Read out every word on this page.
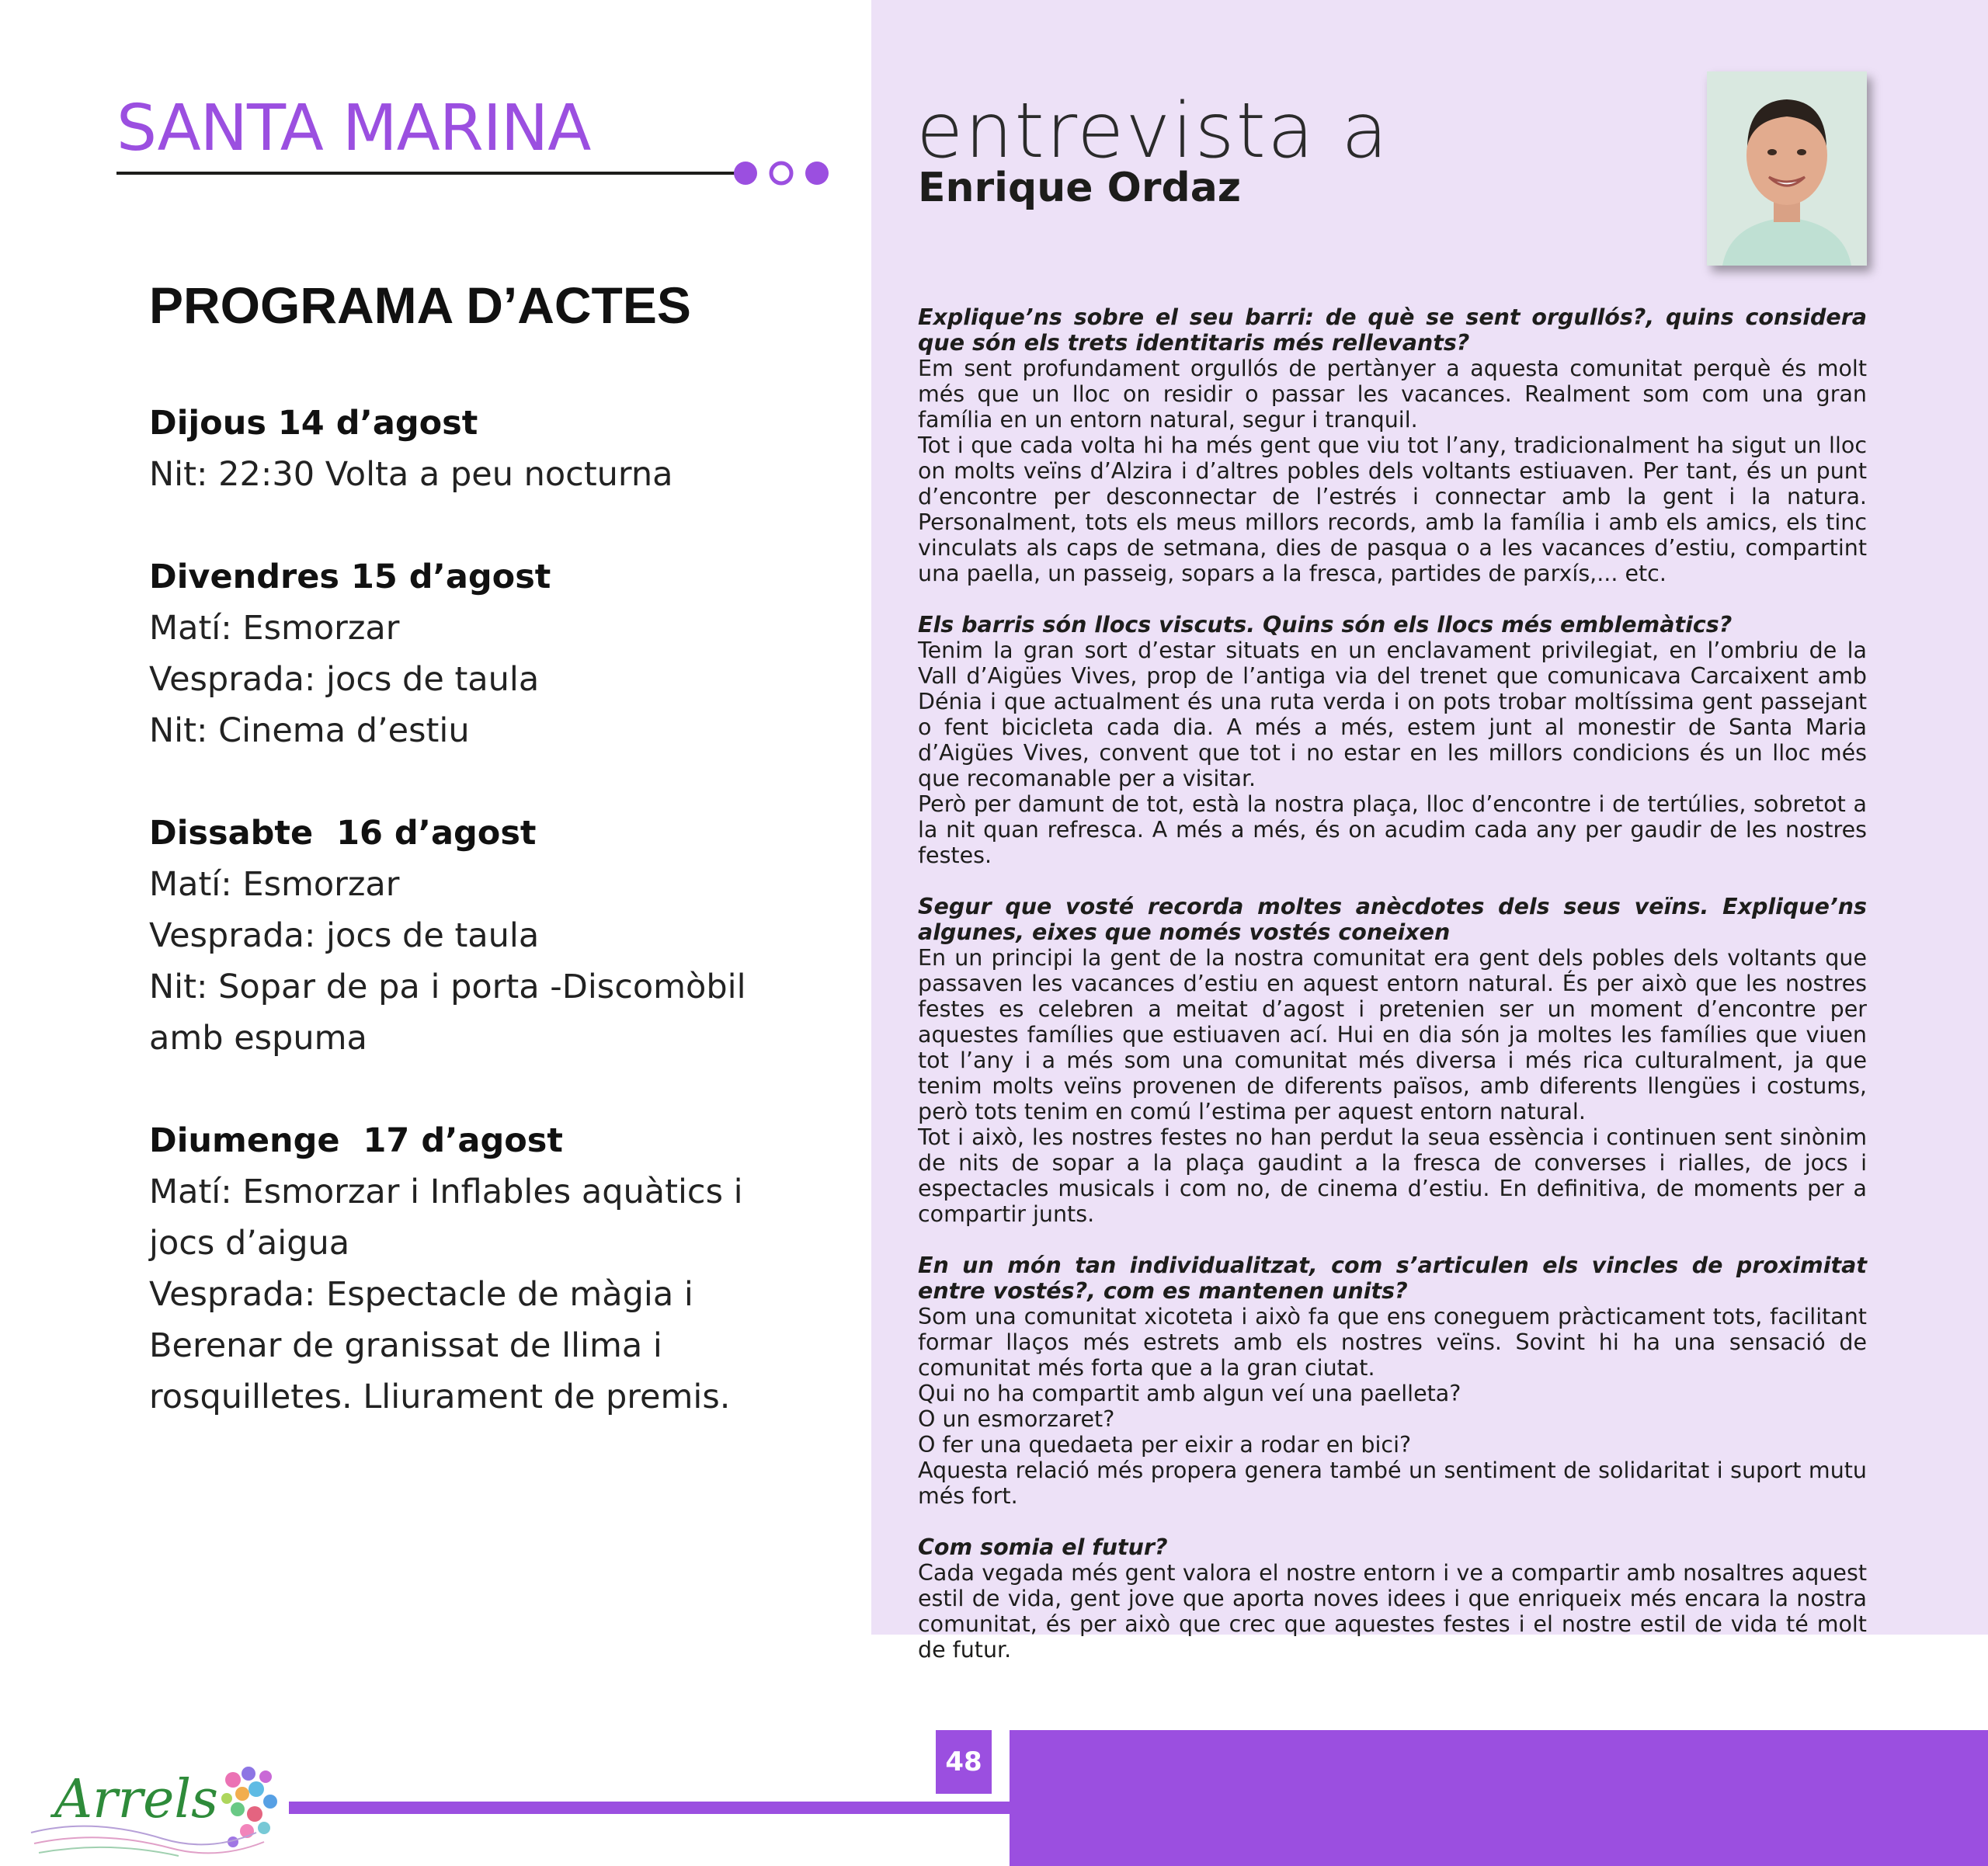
SANTA MARINA
PROGRAMA D’ACTES
Dijous 14 d’agost
Nit: 22:30 Volta a peu nocturna
Divendres 15 d’agost
Matí: Esmorzar
Vesprada: jocs de taula
Nit: Cinema d’estiu
Dissabte  16 d’agost
Matí: Esmorzar
Vesprada: jocs de taula
Nit: Sopar de pa i porta -Discomòbil amb espuma
Diumenge  17 d’agost
Matí: Esmorzar i Inflables aquàtics i jocs d’aigua
Vesprada: Espectacle de màgia i Berenar de granissat de llima i rosquilletes. Lliurament de premis.
entrevista a
Enrique Ordaz

Explique’ns sobre el seu barri: de què se sent orgullós?, quins considera que són els trets identitaris més rellevants?

Em sent profundament orgullós de pertànyer a aquesta comunitat perquè és molt més que un lloc on residir o passar les vacances. Realment som com una gran família en un entorn natural, segur i tranquil.

Tot i que cada volta hi ha més gent que viu tot l’any, tradicionalment ha sigut un lloc on molts veïns d’Alzira i d’altres pobles dels voltants estiuaven. Per tant, és un punt d’encontre per desconnectar de l’estrés i connectar amb la gent i la natura. Personalment, tots els meus millors records, amb la família i amb els amics, els tinc vinculats als caps de setmana, dies de pasqua o a les vacances d’estiu, compartint una paella, un passeig, sopars a la fresca, partides de parxís,... etc.

Els barris són llocs viscuts. Quins són els llocs més emblemàtics?

Tenim la gran sort d’estar situats en un enclavament privilegiat, en l’ombriu de la Vall d’Aigües Vives, prop de l’antiga via del trenet que comunicava Carcaixent amb Dénia i que actualment és una ruta verda i on pots trobar moltíssima gent passejant o fent bicicleta cada dia. A més a més, estem junt al monestir de Santa Maria d’Aigües Vives, convent que tot i no estar en les millors condicions és un lloc més que recomanable per a visitar.

Però per damunt de tot, està la nostra plaça, lloc d’encontre i de tertúlies, sobretot a la nit quan refresca. A més a més, és on acudim cada any per gaudir de les nostres festes.

Segur que vosté recorda moltes anècdotes dels seus veïns. Explique’ns algunes, eixes que només vostés coneixen

En un principi la gent de la nostra comunitat era gent dels pobles dels voltants que passaven les vacances d’estiu en aquest entorn natural. És per això que les nostres festes es celebren a meitat d’agost i pretenien ser un moment d’encontre per aquestes famílies que estiuaven ací. Hui en dia són ja moltes les famílies que viuen tot l’any i a més som una comunitat més diversa i més rica culturalment, ja que tenim molts veïns provenen de diferents països, amb diferents llengües i costums, però tots tenim en comú l’estima per aquest entorn natural.

Tot i això, les nostres festes no han perdut la seua essència i continuen sent sinònim de nits de sopar a la plaça gaudint a la fresca de converses i rialles, de jocs i espectacles musicals i com no, de cinema d’estiu. En definitiva, de moments per a compartir junts.

En un món tan individualitzat, com s’articulen els vincles de proximitat entre vostés?, com es mantenen units?

Som una comunitat xicoteta i això fa que ens coneguem pràcticament tots, facilitant formar llaços més estrets amb els nostres veïns. Sovint hi ha una sensació de comunitat més forta que a la gran ciutat.

Qui no ha compartit amb algun veí una paelleta?

O un esmorzaret?

O fer una quedaeta per eixir a rodar en bici?

Aquesta relació més propera genera també un sentiment de solidaritat i suport mutu més fort.

Com somia el futur?

Cada vegada més gent valora el nostre entorn i ve a compartir amb nosaltres aquest estil de vida, gent jove que aporta noves idees i que enriqueix més encara la nostra comunitat, és per això que crec que aquestes festes i el nostre estil de vida té molt de futur.

48
Arrels
